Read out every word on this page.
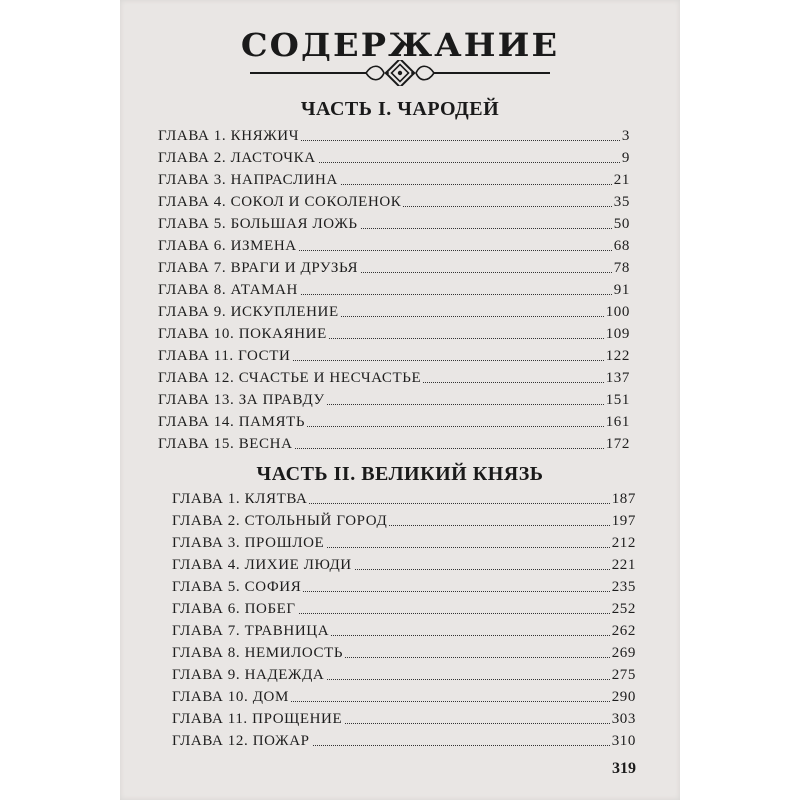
СОДЕРЖАНИЕ
ЧАСТЬ I. ЧАРОДЕЙ
ГЛАВА 1. КНЯЖИЧ	3
ГЛАВА 2. ЛАСТОЧКА	9
ГЛАВА 3. НАПРАСЛИНА	21
ГЛАВА 4. СОКОЛ И СОКОЛЕНОК	35
ГЛАВА 5. БОЛЬШАЯ ЛОЖЬ	50
ГЛАВА 6. ИЗМЕНА	68
ГЛАВА 7. ВРАГИ И ДРУЗЬЯ	78
ГЛАВА 8. АТАМАН	91
ГЛАВА 9. ИСКУПЛЕНИЕ	100
ГЛАВА 10. ПОКАЯНИЕ	109
ГЛАВА 11. ГОСТИ	122
ГЛАВА 12. СЧАСТЬЕ И НЕСЧАСТЬЕ	137
ГЛАВА 13. ЗА ПРАВДУ	151
ГЛАВА 14. ПАМЯТЬ	161
ГЛАВА 15. ВЕСНА	172
ЧАСТЬ II. ВЕЛИКИЙ КНЯЗЬ
ГЛАВА 1. КЛЯТВА	187
ГЛАВА 2. СТОЛЬНЫЙ ГОРОД	197
ГЛАВА 3. ПРОШЛОЕ	212
ГЛАВА 4. ЛИХИЕ ЛЮДИ	221
ГЛАВА 5. СОФИЯ	235
ГЛАВА 6. ПОБЕГ	252
ГЛАВА 7. ТРАВНИЦА	262
ГЛАВА 8. НЕМИЛОСТЬ	269
ГЛАВА 9. НАДЕЖДА	275
ГЛАВА 10. ДОМ	290
ГЛАВА 11. ПРОЩЕНИЕ	303
ГЛАВА 12. ПОЖАР	310
319
